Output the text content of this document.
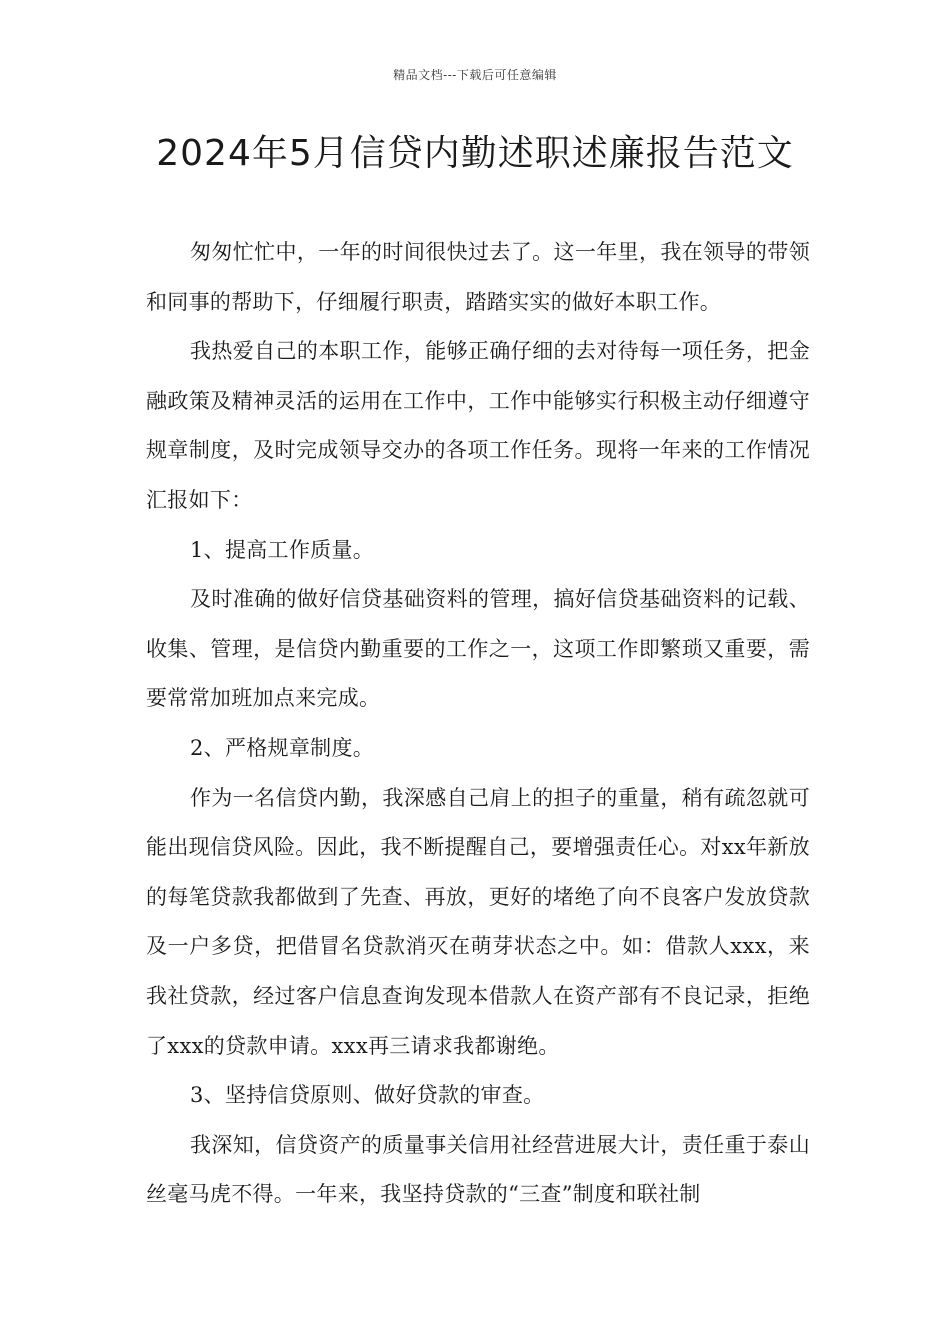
精品文档---下载后可任意编辑
2024年5月信贷内勤述职述廉报告范文

匆匆忙忙中，一年的时间很快过去了。这一年里，我在领导的带领和同事的帮助下，仔细履行职责，踏踏实实的做好本职工作。

我热爱自己的本职工作，能够正确仔细的去对待每一项任务，把金融政策及精神灵活的运用在工作中，工作中能够实行积极主动仔细遵守规章制度，及时完成领导交办的各项工作任务。现将一年来的工作情况汇报如下：

1、提高工作质量。

及时准确的做好信贷基础资料的管理，搞好信贷基础资料的记载、收集、管理，是信贷内勤重要的工作之一，这项工作即繁琐又重要，需要常常加班加点来完成。

2、严格规章制度。

作为一名信贷内勤，我深感自己肩上的担子的重量，稍有疏忽就可能出现信贷风险。因此，我不断提醒自己，要增强责任心。对xx年新放的每笔贷款我都做到了先查、再放，更好的堵绝了向不良客户发放贷款及一户多贷，把借冒名贷款消灭在萌芽状态之中。如：借款人xxx，来我社贷款，经过客户信息查询发现本借款人在资产部有不良记录，拒绝了xxx的贷款申请。xxx再三请求我都谢绝。

3、坚持信贷原则、做好贷款的审查。

我深知，信贷资产的质量事关信用社经营进展大计，责任重于泰山丝毫马虎不得。一年来，我坚持贷款的“三查”制度和联社制
